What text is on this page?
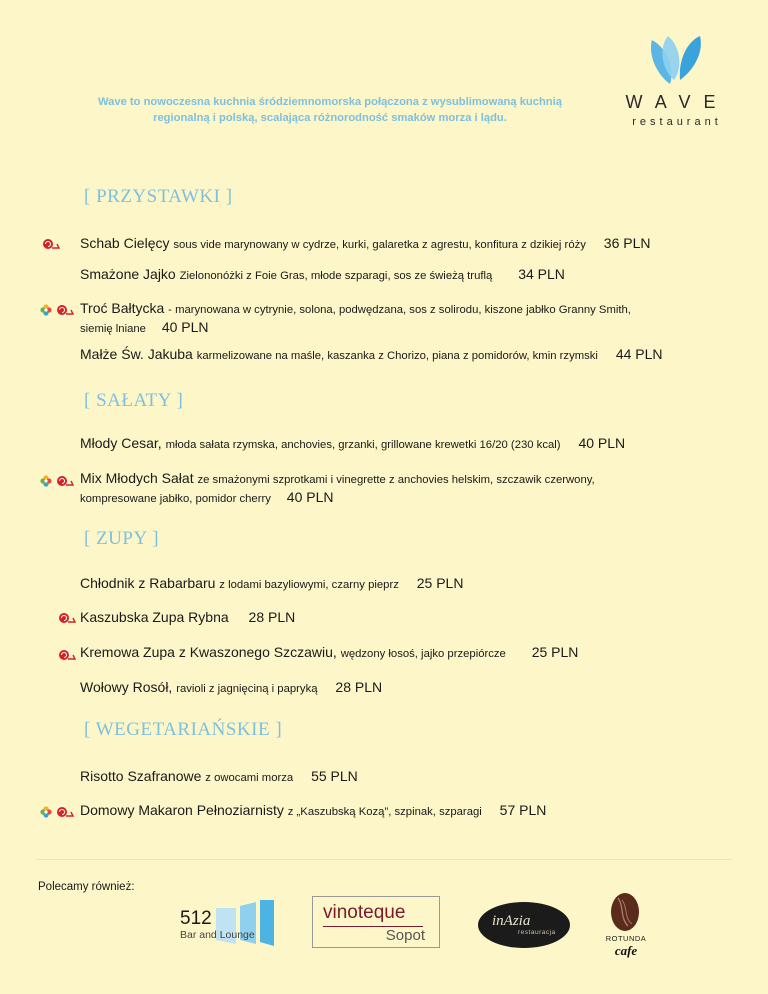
Wave to nowoczesna kuchnia śródziemnomorska połączona z wysublimowaną kuchnią
regionalną i polską, scalająca różnorodność smaków morza i lądu.
WAVE
restaurant
[ PRZYSTAWKI ]
[ SAŁATY ]
[ ZUPY ]
[ WEGETARIAŃSKIE ]
Schab Cielęcy sous vide marynowany w cydrze, kurki, galaretka z agrestu, konfitura z dzikiej róży 36 PLN
Smażone Jajko Zielononóżki z Foie Gras, młode szparagi, sos ze świeżą truflą 34 PLN
Troć Bałtycka - marynowana w cytrynie, solona, podwędzana, sos z solirodu, kiszone jabłko Granny Smith,
siemię lniane 40 PLN
Małże Św. Jakuba karmelizowane na maśle, kaszanka z Chorizo, piana z pomidorów, kmin rzymski 44 PLN
Młody Cesar, młoda sałata rzymska, anchovies, grzanki, grillowane krewetki 16/20 (230 kcal) 40 PLN
Mix Młodych Sałat ze smażonymi szprotkami i vinegrette z anchovies helskim, szczawik czerwony,
kompresowane jabłko, pomidor cherry 40 PLN
Chłodnik z Rabarbaru z lodami bazyliowymi, czarny pieprz 25 PLN
Kaszubska Zupa Rybna 28 PLN
Kremowa Zupa z Kwaszonego Szczawiu, wędzony łosoś, jajko przepiórcze 25 PLN
Wołowy Rosół, ravioli z jagnięciną i papryką 28 PLN
Risotto Szafranowe z owocami morza 55 PLN
Domowy Makaron Pełnoziarnisty z „Kaszubską Kozą”, szpinak, szparagi 57 PLN
Polecamy również:
512
Bar and Lounge
vinoteque
Sopot
inAzia
restauracja
ROTUNDA
cafe
